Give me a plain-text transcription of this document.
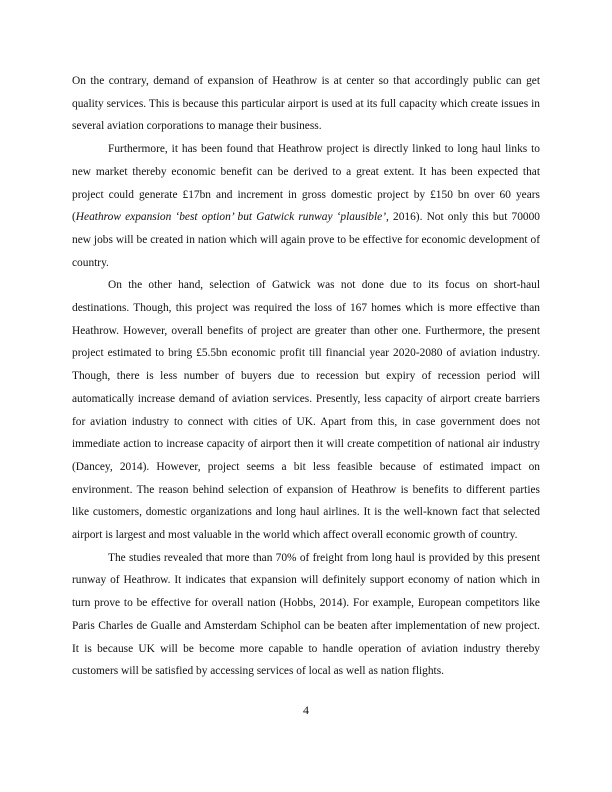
On the contrary, demand of expansion of Heathrow is at center so that accordingly public can get quality services. This is because this particular airport is used at its full capacity which create issues in several aviation corporations to manage their business.

Furthermore, it has been found that Heathrow project is directly linked to long haul links to new market thereby economic benefit can be derived to a great extent. It has been expected that project could generate £17bn and increment in gross domestic project by £150 bn over 60 years (Heathrow expansion ‘best option’ but Gatwick runway ‘plausible’, 2016). Not only this but 70000 new jobs will be created in nation which will again prove to be effective for economic development of country.

On the other hand, selection of Gatwick was not done due to its focus on short-haul destinations. Though, this project was required the loss of 167 homes which is more effective than Heathrow. However, overall benefits of project are greater than other one. Furthermore, the present project estimated to bring £5.5bn economic profit till financial year 2020-2080 of aviation industry. Though, there is less number of buyers due to recession but expiry of recession period will automatically increase demand of aviation services. Presently, less capacity of airport create barriers for aviation industry to connect with cities of UK. Apart from this, in case government does not immediate action to increase capacity of airport then it will create competition of national air industry (Dancey, 2014). However, project seems a bit less feasible because of estimated impact on environment. The reason behind selection of expansion of Heathrow is benefits to different parties like customers, domestic organizations and long haul airlines. It is the well-known fact that selected airport is largest and most valuable in the world which affect overall economic growth of country.

The studies revealed that more than 70% of freight from long haul is provided by this present runway of Heathrow. It indicates that expansion will definitely support economy of nation which in turn prove to be effective for overall nation (Hobbs, 2014). For example, European competitors like Paris Charles de Gualle and Amsterdam Schiphol can be beaten after implementation of new project. It is because UK will be become more capable to handle operation of aviation industry thereby customers will be satisfied by accessing services of local as well as nation flights.

4
